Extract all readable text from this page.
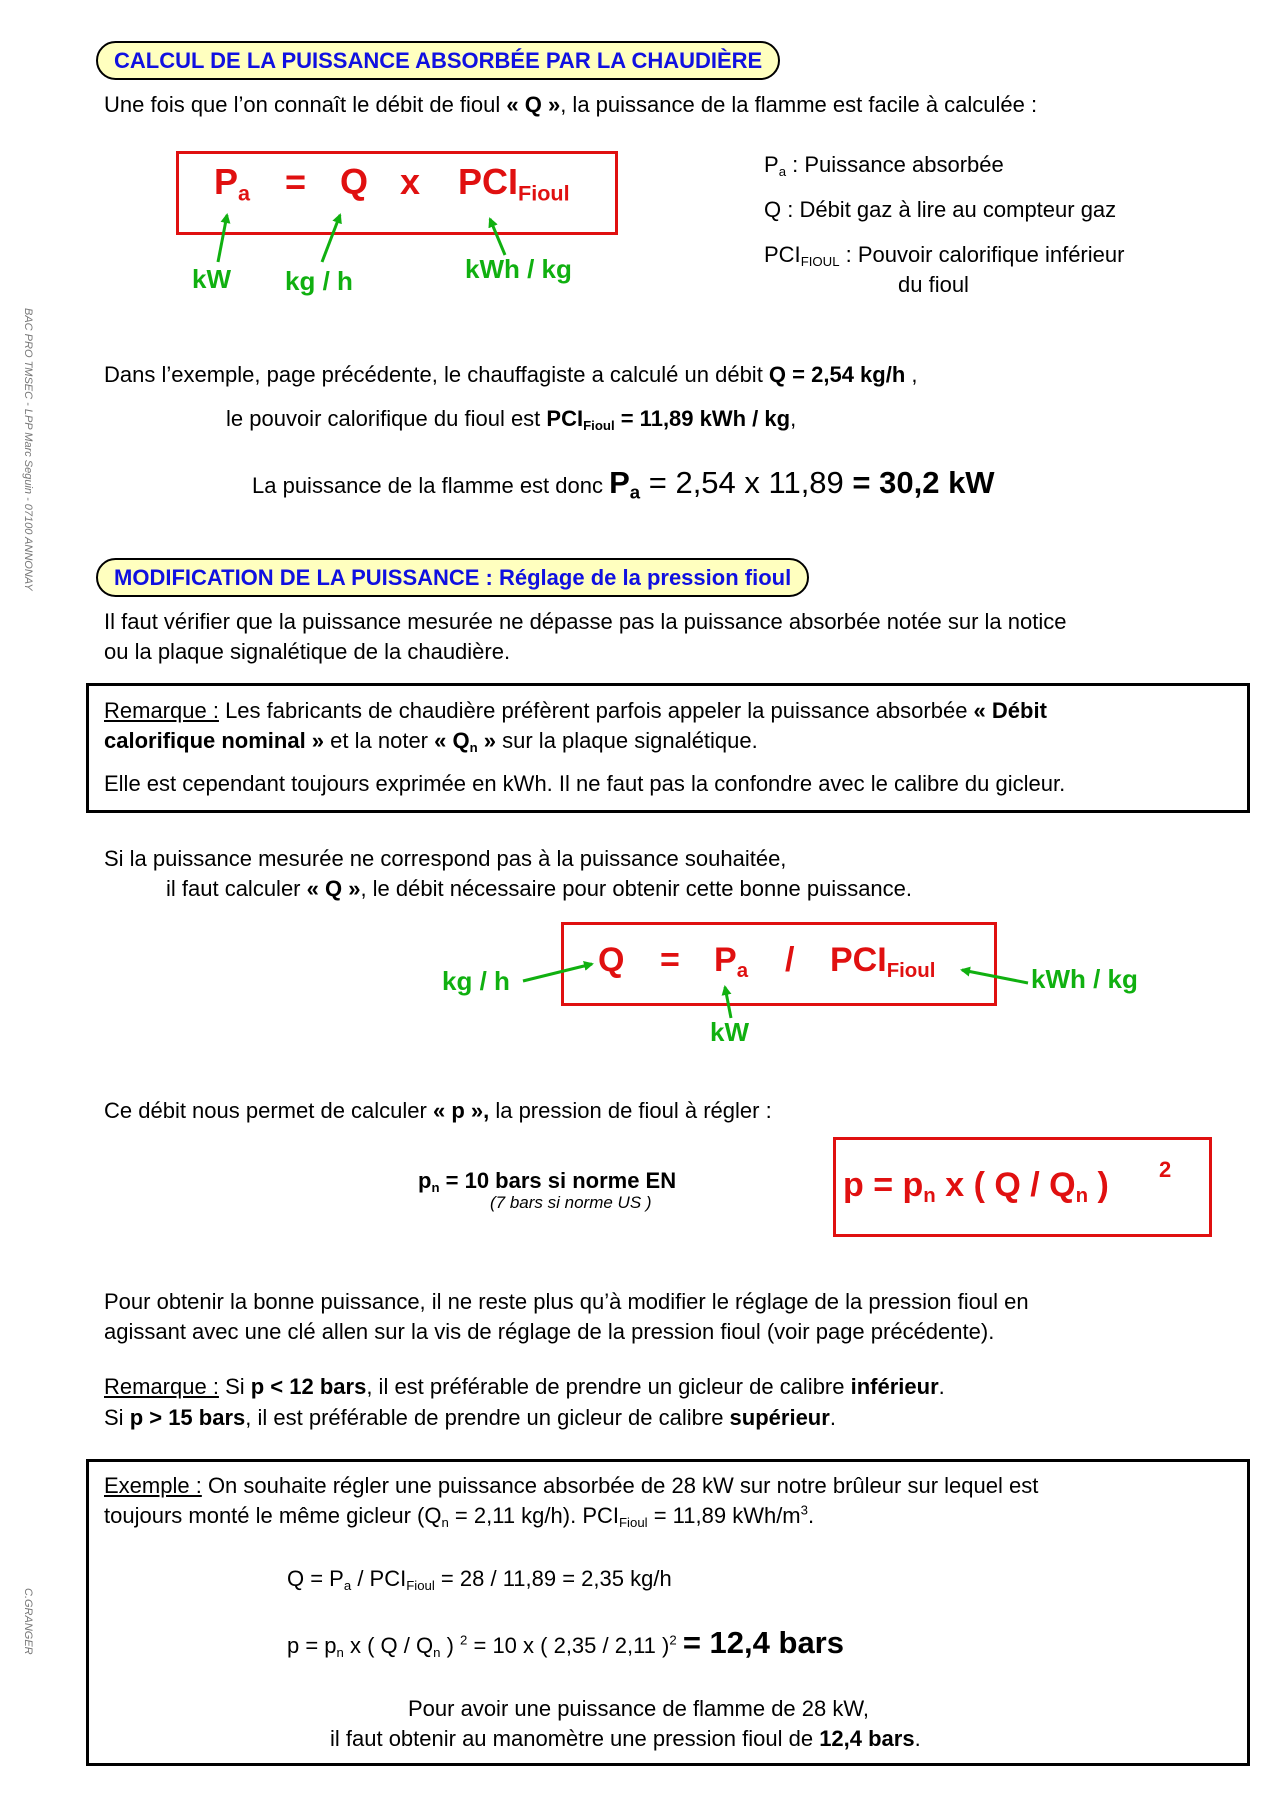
BAC PRO TMSEC - LPP Marc Seguin - 07100 ANNONAY
C.GRANGER
CALCUL DE LA PUISSANCE ABSORBÉE PAR LA CHAUDIÈRE
Une fois que l’on connaît le débit de fioul « Q », la puissance de la flamme est facile à calculée :
$P_a = Q$ x $PCI_{Fioul}$
kW kg / h	kWh / kg
$P_a$ : Puissance absorbée
Q : Débit gaz à lire au compteur gaz
$PCI_{FIOUL}$ : Pouvoir calorifique inférieur
du fioul
Dans l’exemple, page précédente, le chauffagiste a calculé un débit Q = 2,54 kg/h ,
le pouvoir calorifique du fioul est $PCI_{Fioul} = 11,89$ kWh / kg,
La puissance de la flamme est donc $P_a = 2,54$ x 11,89 = 30,2 kW
MODIFICATION DE LA PUISSANCE : Réglage de la pression fioul
Il faut vérifier que la puissance mesurée ne dépasse pas la puissance absorbée notée sur la notice
ou la plaque signalétique de la chaudière.
Remarque : Les fabricants de chaudière préfèrent parfois appeler la puissance absorbée « Débit
calorifique nominal » et la noter « $Q_n$ » sur la plaque signalétique.
Elle est cependant toujours exprimée en kWh. Il ne faut pas la confondre avec le calibre du gicleur.
Si la puissance mesurée ne correspond pas à la puissance souhaitée,
il faut calculer « Q », le débit nécessaire pour obtenir cette bonne puissance.
$Q = P_a / PCI_{Fioul}$
kg / h
kW
kWh / kg
Ce débit nous permet de calculer « p », la pression de fioul à régler :
$p_n = 10$ bars si norme EN
(7 bars si norme US )	$p = p_n$ x ( Q / $Q_n$ ) 2
Pour obtenir la bonne puissance, il ne reste plus qu’à modifier le réglage de la pression fioul en
agissant avec une clé allen sur la vis de réglage de la pression fioul (voir page précédente).
Remarque : Si p < 12 bars, il est préférable de prendre un gicleur de calibre inférieur.
Si p > 15 bars, il est préférable de prendre un gicleur de calibre supérieur.
Exemple : On souhaite régler une puissance absorbée de 28 kW sur notre brûleur sur lequel est
toujours monté le même gicleur ($Q_n = 2,11$ kg/h). $PCI_{Fioul} = 11,89$ kWh/$m^3$.
$Q = P_a / PCI_{Fioul} = 28 / 11,89 = 2,35$ kg/h
$p = p_n$ x ( Q / $Q_n$ ) $^2$ = 10 x ( 2,35 / 2,11 )$^2$ = 12,4 bars
Pour avoir une puissance de flamme de 28 kW,
il faut obtenir au manomètre une pression fioul de 12,4 bars.
